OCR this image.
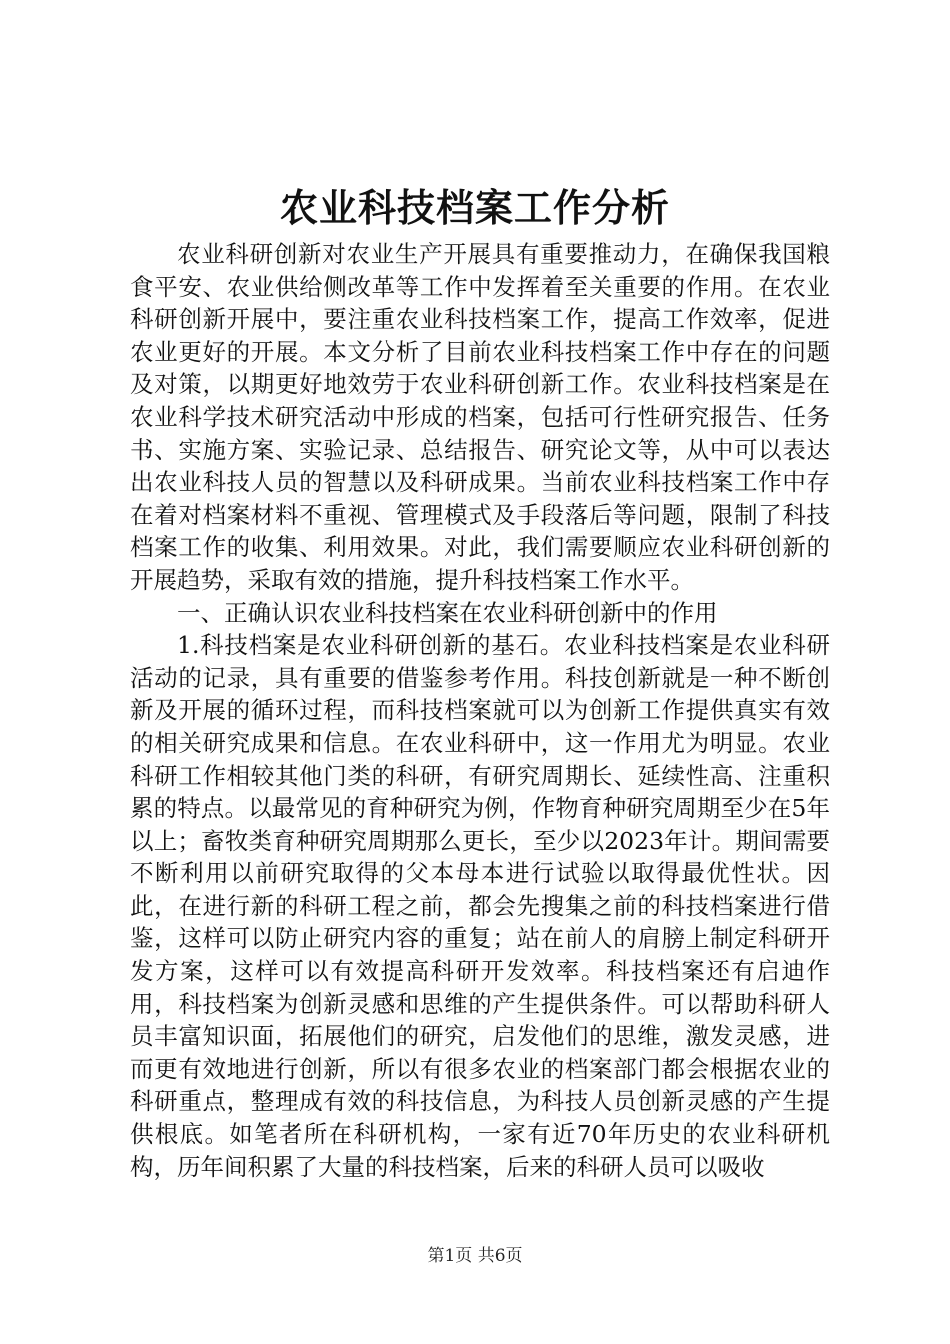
农业科技档案工作分析

农业科研创新对农业生产开展具有重要推动力，在确保我国粮食平安、农业供给侧改革等工作中发挥着至关重要的作用。在农业科研创新开展中，要注重农业科技档案工作，提高工作效率，促进农业更好的开展。本文分析了目前农业科技档案工作中存在的问题及对策，以期更好地效劳于农业科研创新工作。农业科技档案是在农业科学技术研究活动中形成的档案，包括可行性研究报告、任务书、实施方案、实验记录、总结报告、研究论文等，从中可以表达出农业科技人员的智慧以及科研成果。当前农业科技档案工作中存在着对档案材料不重视、管理模式及手段落后等问题，限制了科技档案工作的收集、利用效果。对此，我们需要顺应农业科研创新的开展趋势，采取有效的措施，提升科技档案工作水平。

一、正确认识农业科技档案在农业科研创新中的作用

1.科技档案是农业科研创新的基石。农业科技档案是农业科研活动的记录，具有重要的借鉴参考作用。科技创新就是一种不断创新及开展的循环过程，而科技档案就可以为创新工作提供真实有效的相关研究成果和信息。在农业科研中，这一作用尤为明显。农业科研工作相较其他门类的科研，有研究周期长、延续性高、注重积累的特点。以最常见的育种研究为例，作物育种研究周期至少在5年以上；畜牧类育种研究周期那么更长，至少以2023年计。期间需要不断利用以前研究取得的父本母本进行试验以取得最优性状。因此，在进行新的科研工程之前，都会先搜集之前的科技档案进行借鉴，这样可以防止研究内容的重复；站在前人的肩膀上制定科研开发方案，这样可以有效提高科研开发效率。科技档案还有启迪作用，科技档案为创新灵感和思维的产生提供条件。可以帮助科研人员丰富知识面，拓展他们的研究，启发他们的思维，激发灵感，进而更有效地进行创新，所以有很多农业的档案部门都会根据农业的科研重点，整理成有效的科技信息，为科技人员创新灵感的产生提供根底。如笔者所在科研机构，一家有近70年历史的农业科研机构，历年间积累了大量的科技档案，后来的科研人员可以吸收

第1页 共6页
